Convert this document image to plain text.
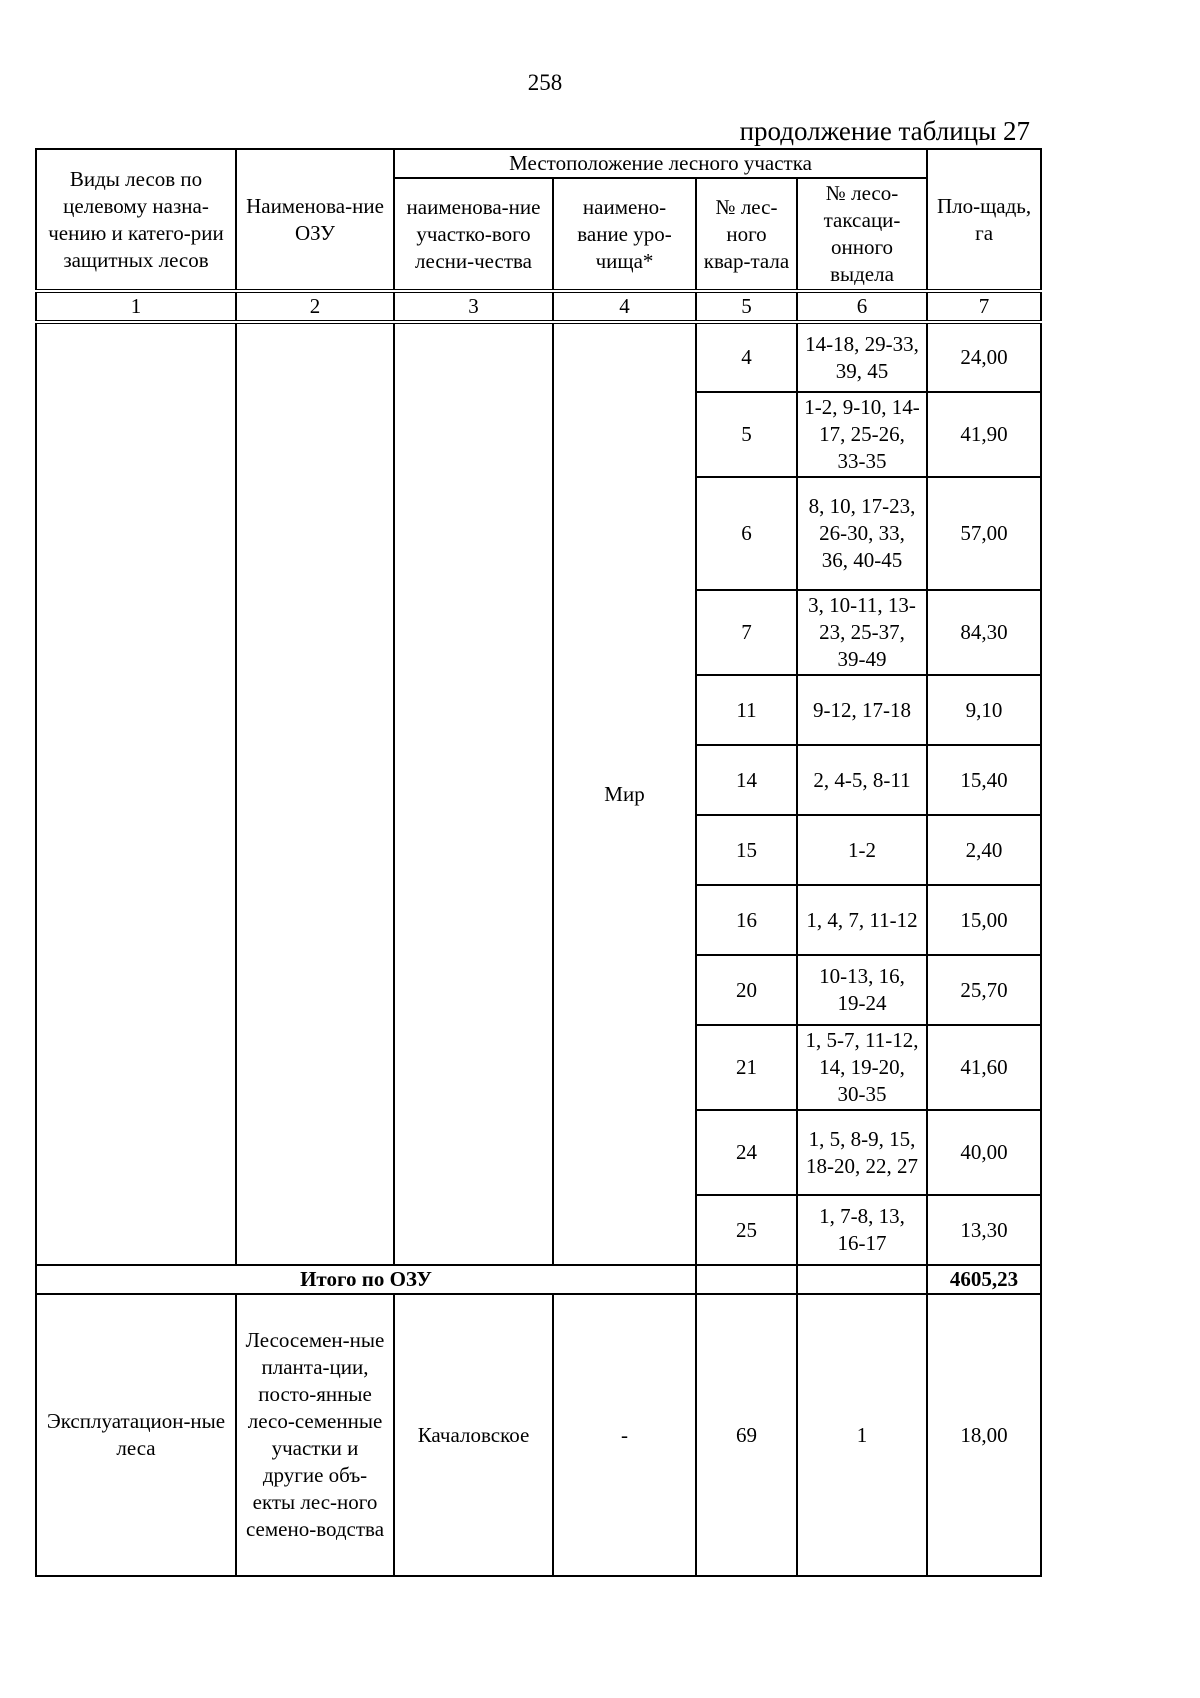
258
продолжение таблицы 27
Виды лесов по целевому назна-чению и катего-рии защитных лесов	Наименова-ние ОЗУ	Местоположение лесного участка				Пло-щадь, га
		наименова-ние участко-вого лесни-чества	наимено-вание уро-чища*	№ лес-ного квар-тала	№ лесо-таксаци-онного выдела	
1	2	3	4	5	6	7
			Мир	4	14-18, 29-33, 39, 45	24,00
				5	1-2, 9-10, 14-17, 25-26, 33-35	41,90
				6	8, 10, 17-23, 26-30, 33, 36, 40-45	57,00
				7	3, 10-11, 13-23, 25-37, 39-49	84,30
				11	9-12, 17-18	9,10
				14	2, 4-5, 8-11	15,40
				15	1-2	2,40
				16	1, 4, 7, 11-12	15,00
				20	10-13, 16, 19-24	25,70
				21	1, 5-7, 11-12, 14, 19-20, 30-35	41,60
				24	1, 5, 8-9, 15, 18-20, 22, 27	40,00
				25	1, 7-8, 13, 16-17	13,30
Итого по ОЗУ						4605,23
Эксплуатацион-ные леса	Лесосемен-ные планта-ции, посто-янные лесо-семенные участки и другие объ-екты лес-ного семено-водства	Качаловское	-	69	1	18,00
